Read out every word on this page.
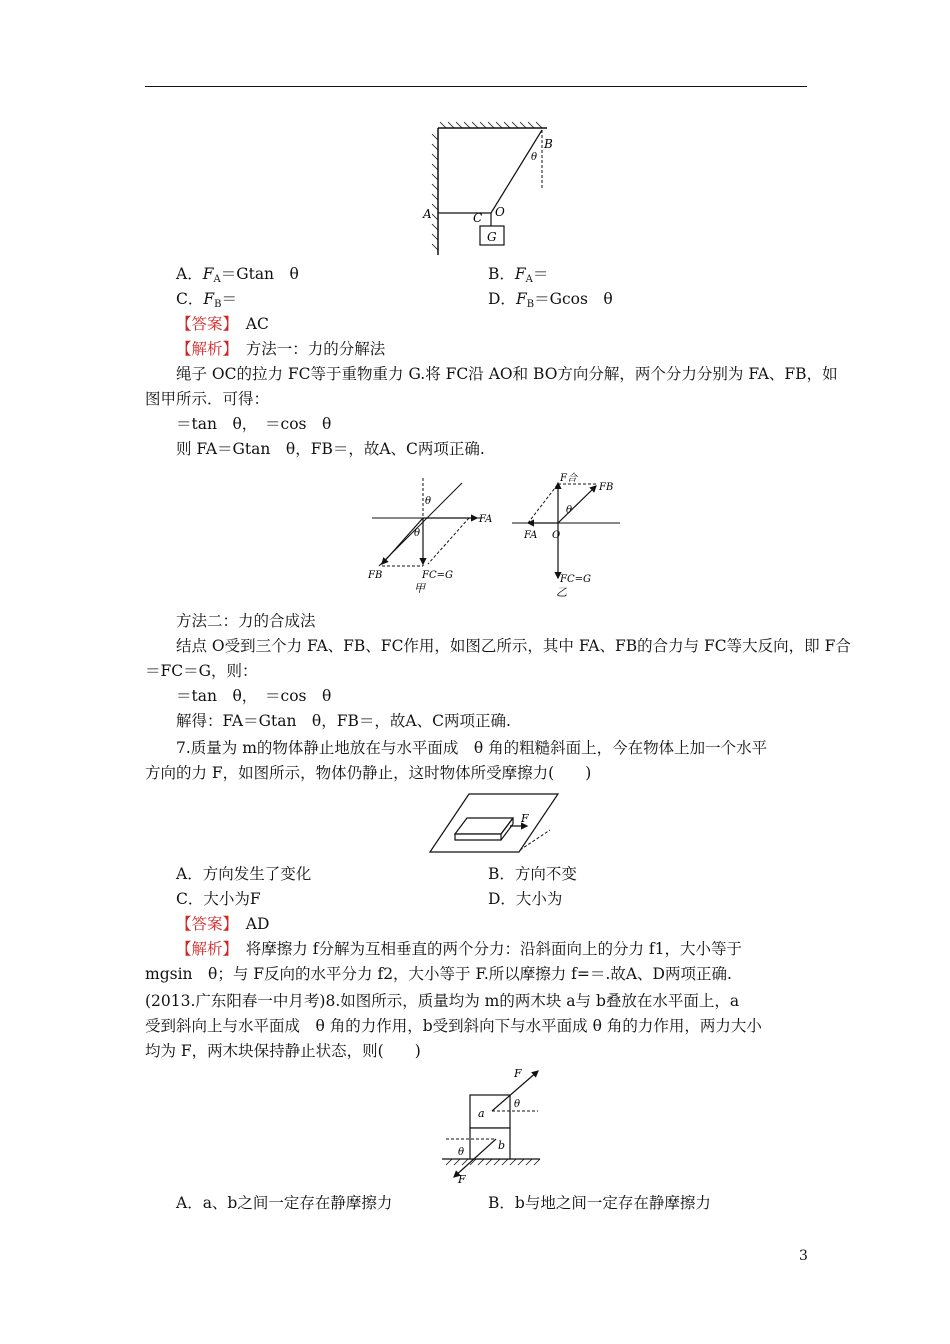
A
B
C O
G
θ
A．$F_A=Gtan$　θ	B．$F_A=$
C．$F_B=$	D．$F_B=Gcos$　θ
【答案】　 AC
【解析】　 方法一：力的分解法
绳子 OC的拉力 FC等于重物重力 G.将 FC沿 AO和 BO方向分解，两个分力分别为 FA、FB，如
图甲所示．可得：
＝tan　θ，　＝cos　θ
则 FA＝Gtan　θ，FB＝，故A、C两项正确.
FA
FB	FC=G
θ
θ
甲
F合
FB
FA O
θ
FC=G
乙
方法二：力的合成法
结点 O受到三个力 FA、FB、FC作用，如图乙所示，其中 FA、FB的合力与 FC等大反向，即 F合
＝FC＝G，则：
＝tan　θ，　＝cos　θ
解得：FA＝Gtan　θ，FB＝，故A、C两项正确.
7.质量为 m的物体静止地放在与水平面成　θ 角的粗糙斜面上，今在物体上加一个水平
方向的力 F，如图所示，物体仍静止，这时物体所受摩擦力(　　)
F
A．方向发生了变化	B．方向不变
C．大小为F	D．大小为
【答案】　 AD
【解析】　 将摩擦力 f分解为互相垂直的两个分力：沿斜面向上的分力 f1，大小等于
mgsin　θ；与 F反向的水平分力 f2，大小等于 F.所以摩擦力 f=＝.故A、D两项正确.
(2013.广东阳春一中月考)8.如图所示，质量均为 m的两木块 a与 b叠放在水平面上，a
受到斜向上与水平面成　θ 角的力作用，b受到斜向下与水平面成 θ 角的力作用，两力大小
均为 F，两木块保持静止状态，则(　　)
F
F
a
b
θ
θ
A．a、b之间一定存在静摩擦力	B．b与地之间一定存在静摩擦力
3
